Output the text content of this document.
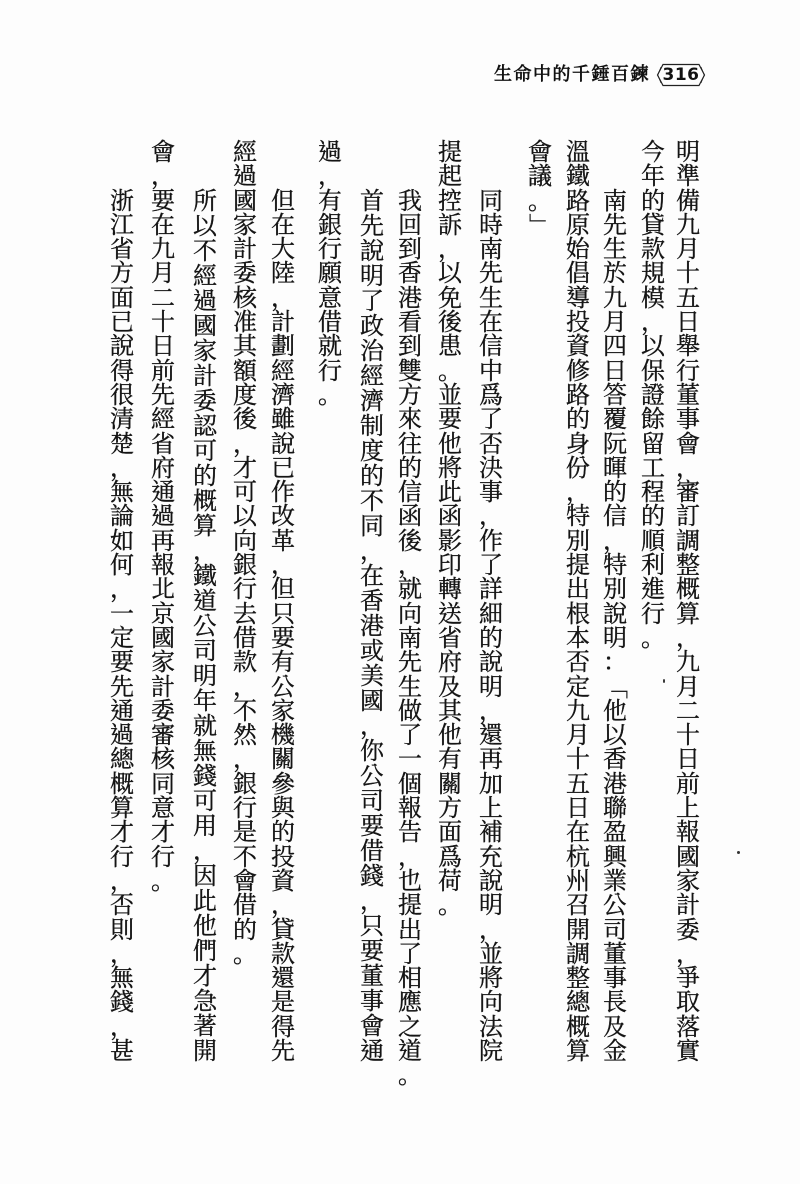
生命中的千錘百鍊 316
明
準
備
九
月
十
五
日
舉
行
董
事
會
，
審
訂
調
整
概
算
，
九
月
二
十
日
前
上
報
國
家
計
委
，
爭
取
落
實
今
年
的
貸
款
規
模
，
以
保
證
餘
留
工
程
的
順
利
進
行
。
南
先
生
於
九
月
四
日
答
覆
阮
暉
的
信
，
特
別
說
明
：
「
他
以
香
港
聯
盈
興
業
公
司
董
事
長
及
金
溫
鐵
路
原
始
倡
導
投
資
修
路
的
身
份
，
特
別
提
出
根
本
否
定
九
月
十
五
日
在
杭
州
召
開
調
整
總
概
算
會
議
。
」
同
時
南
先
生
在
信
中
爲
了
否
決
事
，
作
了
詳
細
的
說
明
，
還
再
加
上
補
充
說
明
，
並
將
向
法
院
提
起
控
訴
，
以
免
後
患
。
並
要
他
將
此
函
影
印
轉
送
省
府
及
其
他
有
關
方
面
爲
荷
。
我
回
到
香
港
看
到
雙
方
來
往
的
信
函
後
，
就
向
南
先
生
做
了
一
個
報
告
，
也
提
出
了
相
應
之
道
。
首
先
說
明
了
政
治
經
濟
制
度
的
不
同
，
在
香
港
或
美
國
，
你
公
司
要
借
錢
，
只
要
董
事
會
通
過
，
有
銀
行
願
意
借
就
行
。
但
在
大
陸
，
計
劃
經
濟
雖
說
已
作
改
革
，
但
只
要
有
公
家
機
關
參
與
的
投
資
，
貸
款
還
是
得
先
經
過
國
家
計
委
核
准
其
額
度
後
，
才
可
以
向
銀
行
去
借
款
，
不
然
，
銀
行
是
不
會
借
的
。
所
以
不
經
過
國
家
計
委
認
可
的
概
算
，
鐵
道
公
司
明
年
就
無
錢
可
用
，
因
此
他
們
才
急
著
開
會
，
要
在
九
月
二
十
日
前
先
經
省
府
通
過
再
報
北
京
國
家
計
委
審
核
同
意
才
行
。
浙
江
省
方
面
已
說
得
很
清
楚
，
無
論
如
何
，
一
定
要
先
通
過
總
概
算
才
行
，
否
則
，
無
錢
，
甚
